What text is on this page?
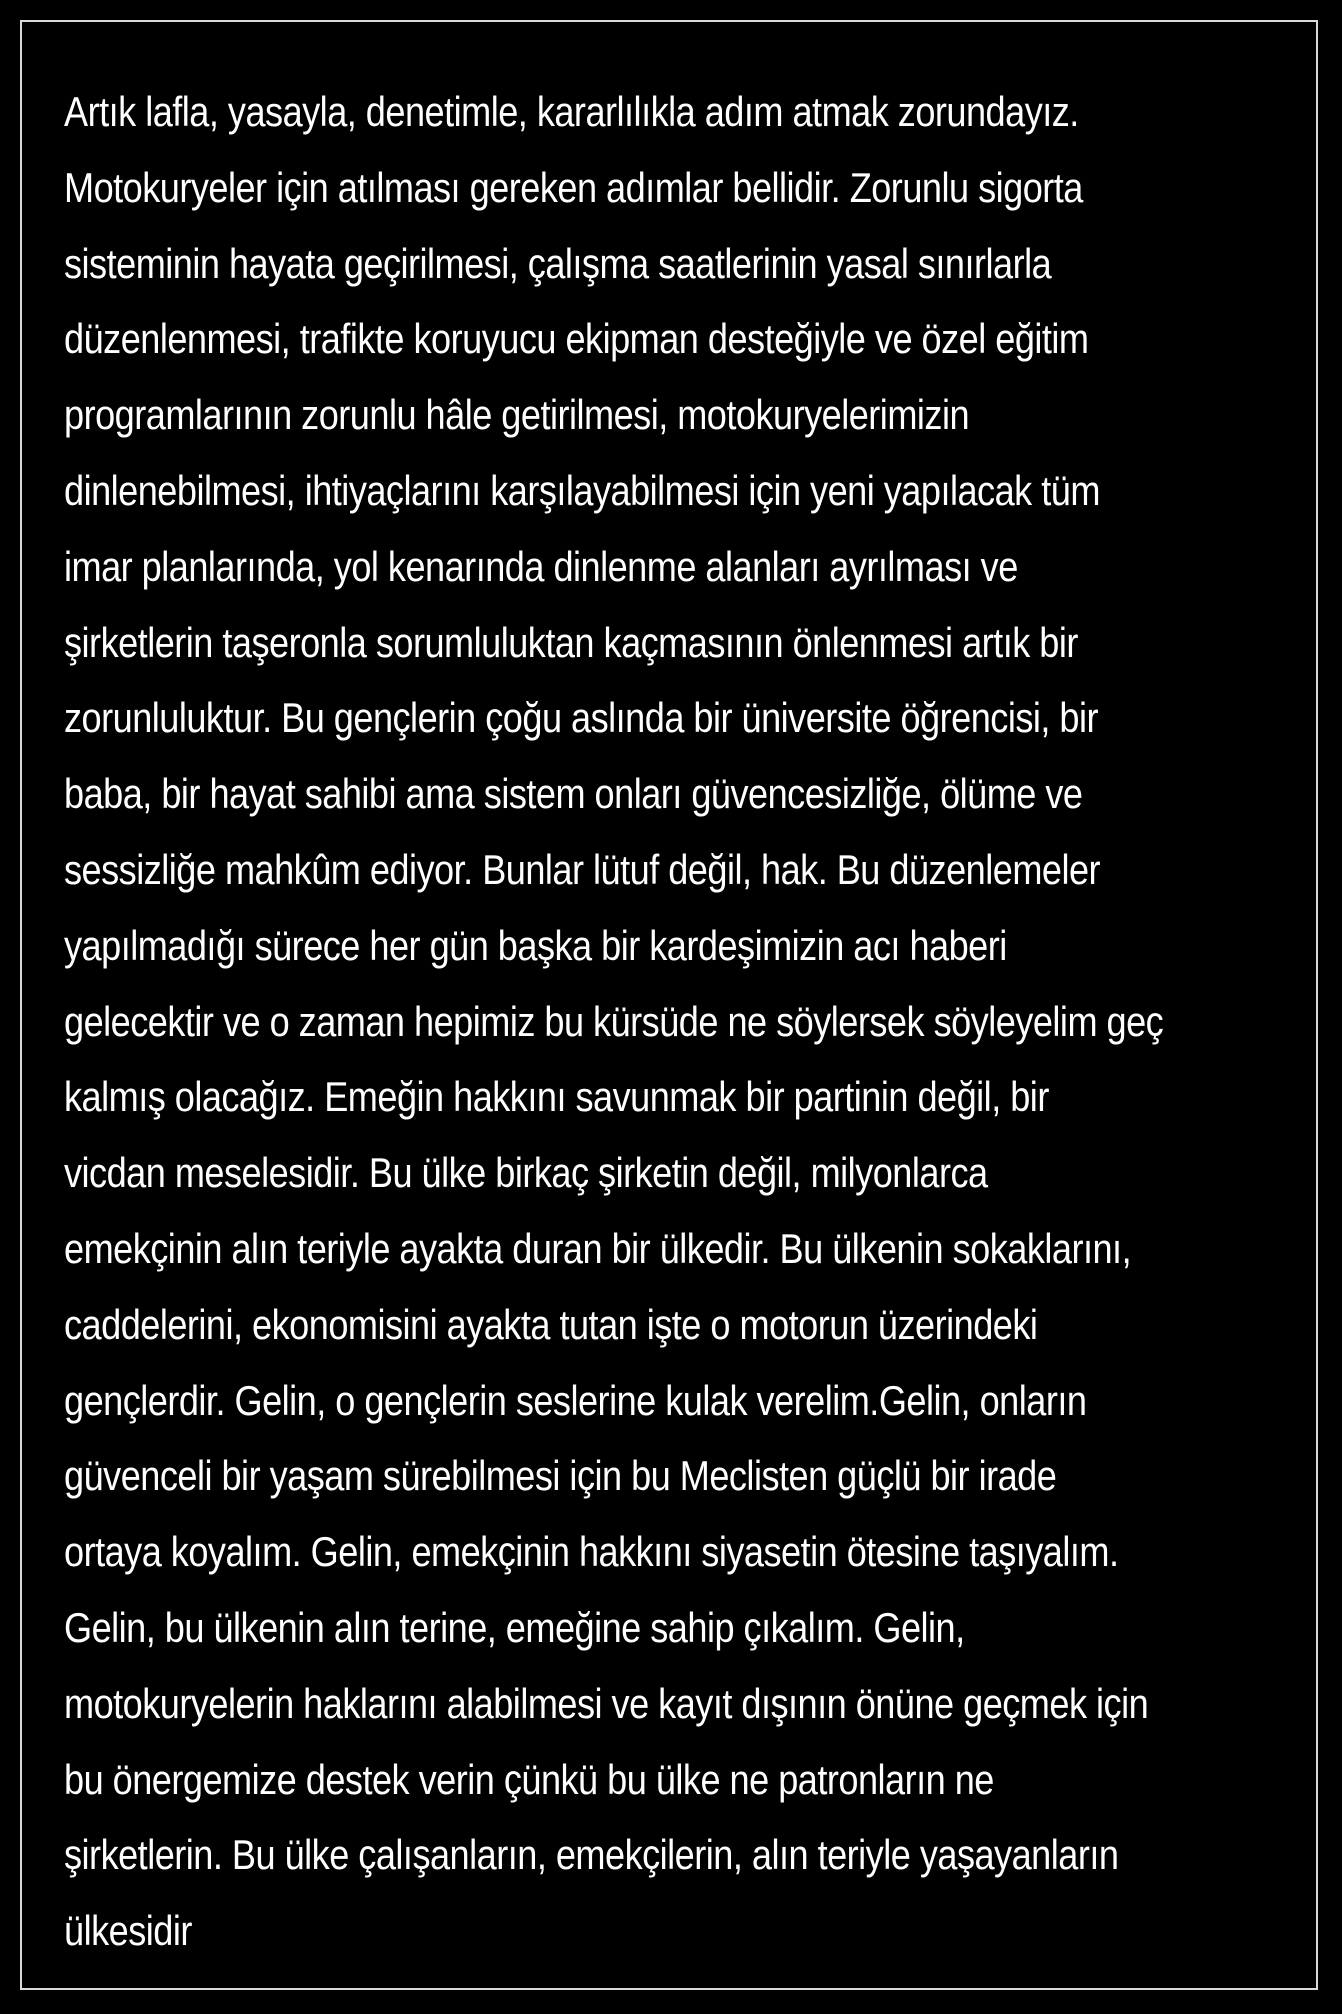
Artık lafla, yasayla, denetimle, kararlılıkla adım atmak zorundayız.
Motokuryeler için atılması gereken adımlar bellidir. Zorunlu sigorta
sisteminin hayata geçirilmesi, çalışma saatlerinin yasal sınırlarla
düzenlenmesi, trafikte koruyucu ekipman desteğiyle ve özel eğitim
programlarının zorunlu hâle getirilmesi, motokuryelerimizin
dinlenebilmesi, ihtiyaçlarını karşılayabilmesi için yeni yapılacak tüm
imar planlarında, yol kenarında dinlenme alanları ayrılması ve
şirketlerin taşeronla sorumluluktan kaçmasının önlenmesi artık bir
zorunluluktur. Bu gençlerin çoğu aslında bir üniversite öğrencisi, bir
baba, bir hayat sahibi ama sistem onları güvencesizliğe, ölüme ve
sessizliğe mahkûm ediyor. Bunlar lütuf değil, hak. Bu düzenlemeler
yapılmadığı sürece her gün başka bir kardeşimizin acı haberi
gelecektir ve o zaman hepimiz bu kürsüde ne söylersek söyleyelim geç
kalmış olacağız. Emeğin hakkını savunmak bir partinin değil, bir
vicdan meselesidir. Bu ülke birkaç şirketin değil, milyonlarca
emekçinin alın teriyle ayakta duran bir ülkedir. Bu ülkenin sokaklarını,
caddelerini, ekonomisini ayakta tutan işte o motorun üzerindeki
gençlerdir. Gelin, o gençlerin seslerine kulak verelim.Gelin, onların
güvenceli bir yaşam sürebilmesi için bu Meclisten güçlü bir irade
ortaya koyalım. Gelin, emekçinin hakkını siyasetin ötesine taşıyalım.
Gelin, bu ülkenin alın terine, emeğine sahip çıkalım. Gelin,
motokuryelerin haklarını alabilmesi ve kayıt dışının önüne geçmek için
bu önergemize destek verin çünkü bu ülke ne patronların ne
şirketlerin. Bu ülke çalışanların, emekçilerin, alın teriyle yaşayanların
ülkesidir
